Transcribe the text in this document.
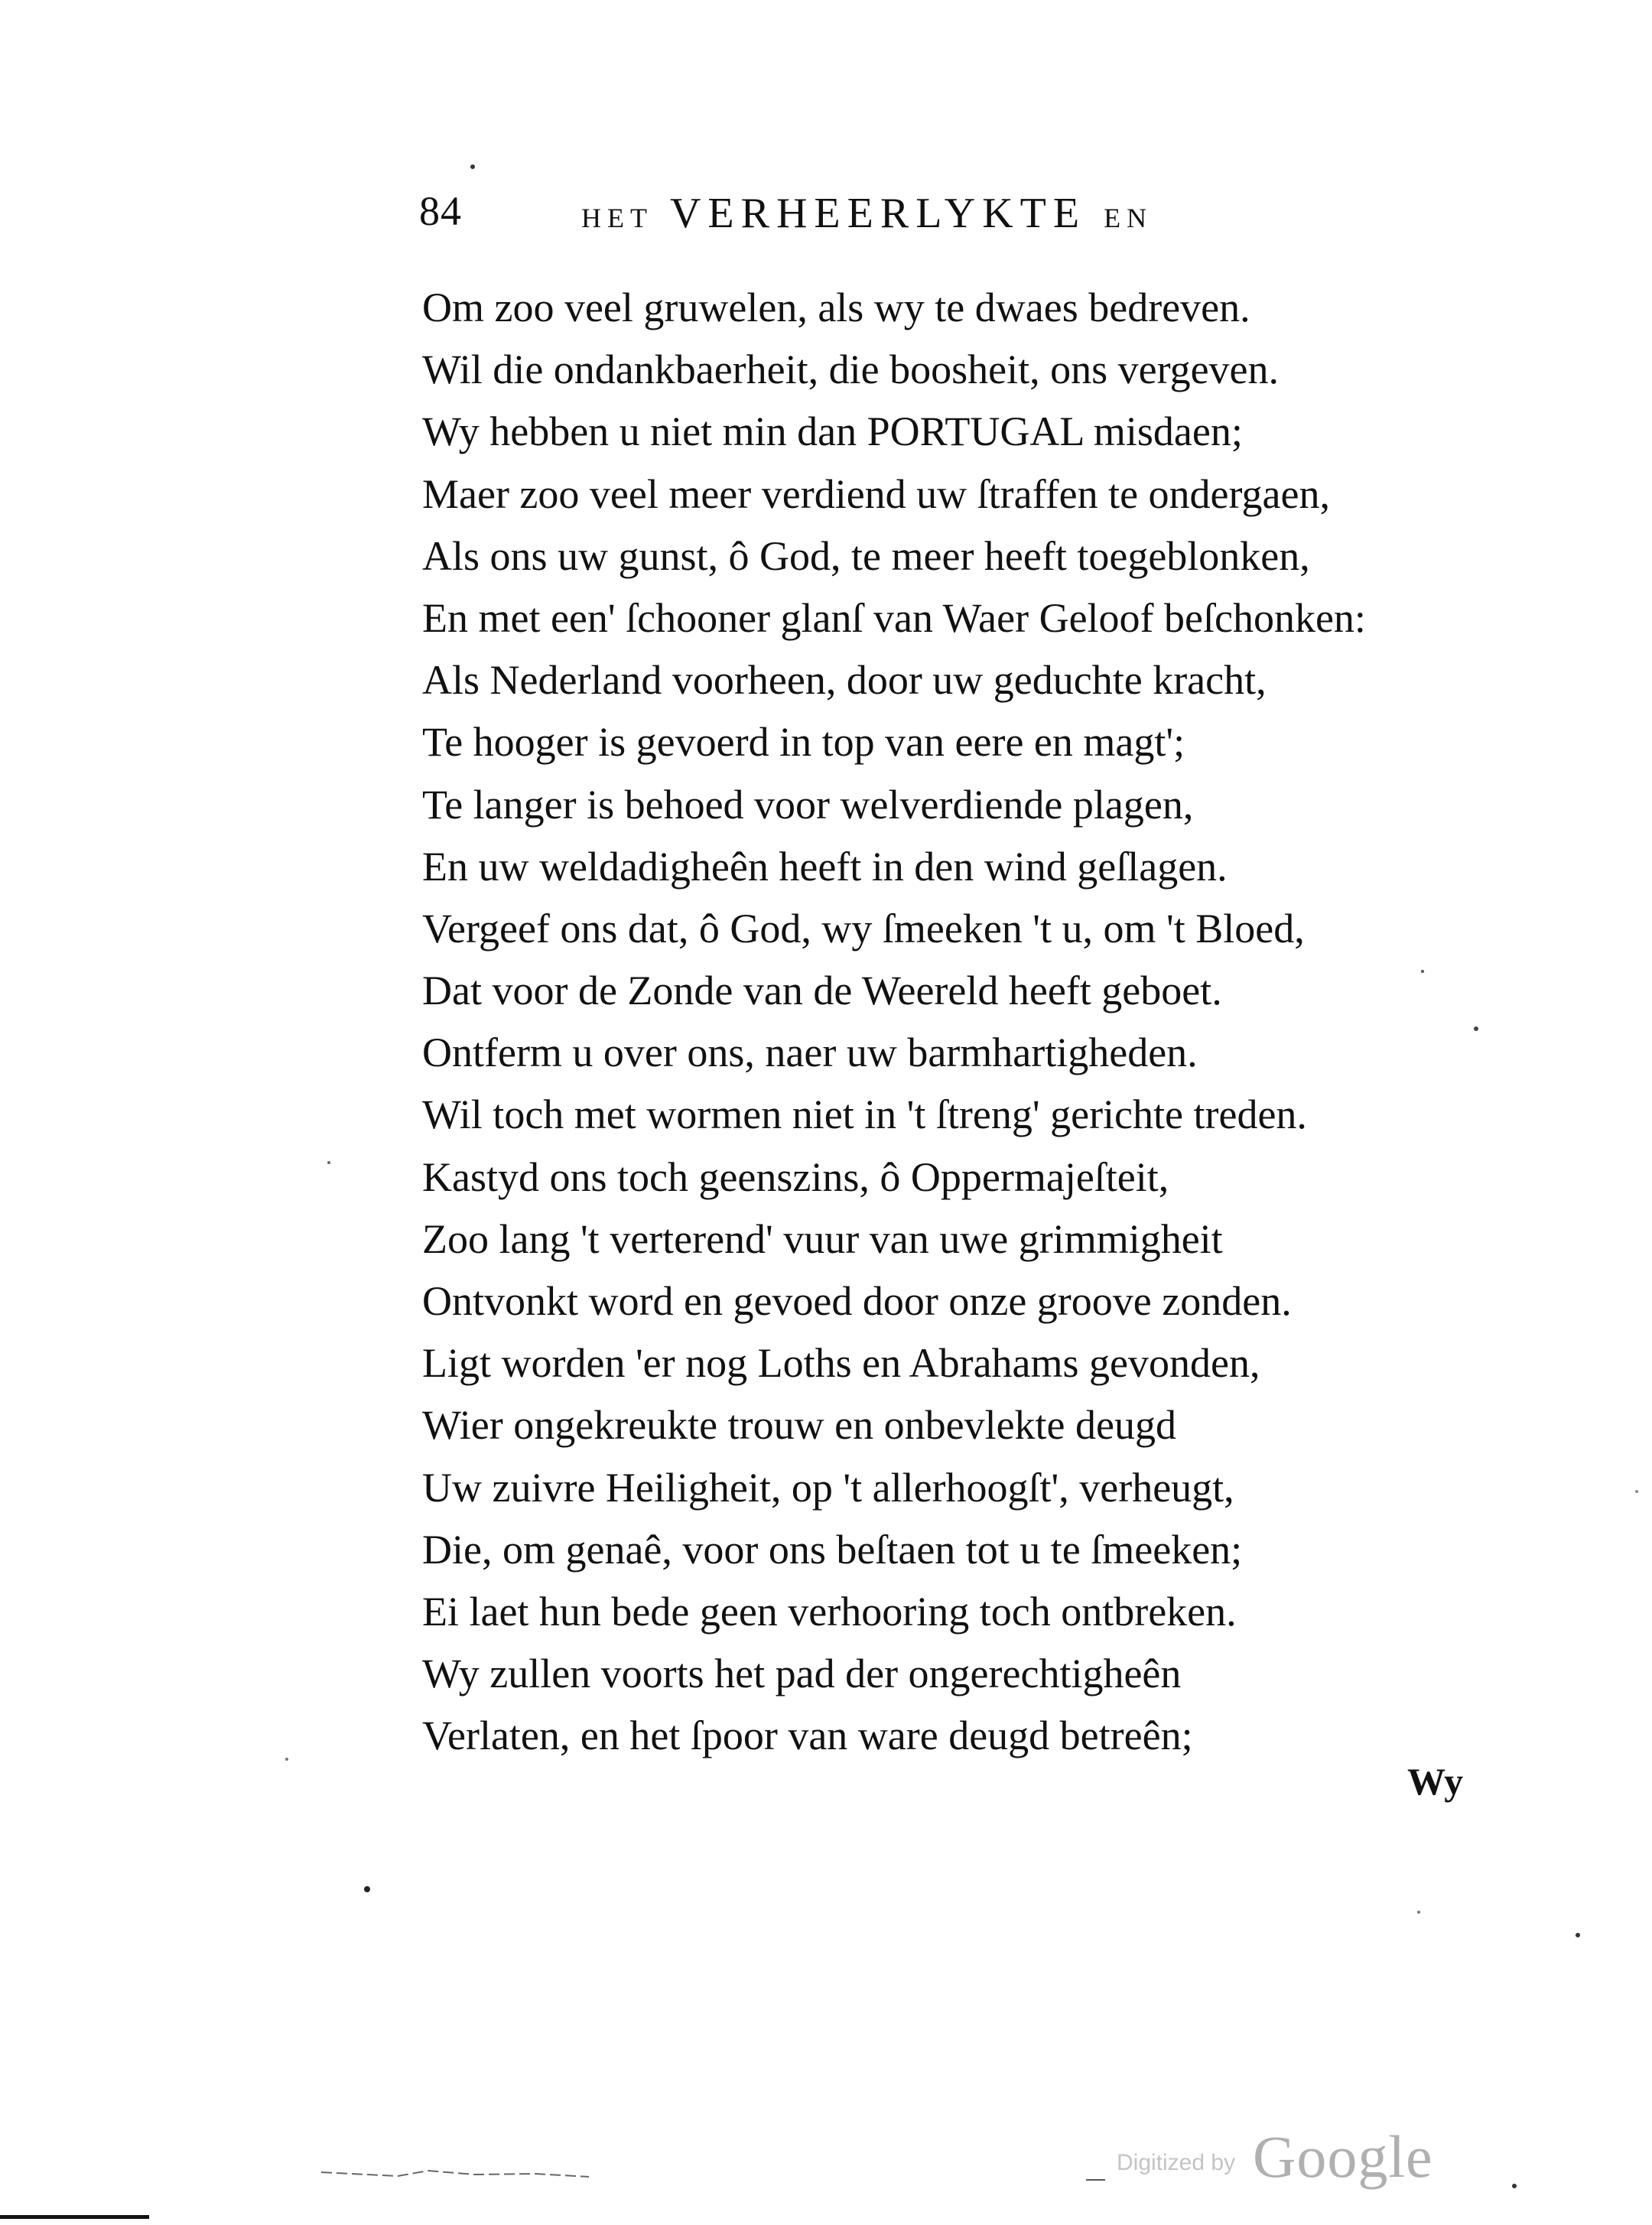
84	HET VERHEERLYKTE EN
Om zoo veel gruwelen, als wy te dwaes bedreven.
Wil die ondankbaerheit, die boosheit, ons vergeven.
Wy hebben u niet min dan PORTUGAL misdaen;
Maer zoo veel meer verdiend uw ſtraffen te ondergaen,
Als ons uw gunst, ô God, te meer heeft toegeblonken,
En met een' ſchooner glanſ van Waer Geloof beſchonken:
Als Nederland voorheen, door uw geduchte kracht,
Te hooger is gevoerd in top van eere en magt';
Te langer is behoed voor welverdiende plagen,
En uw weldadigheên heeft in den wind geſlagen.
Vergeef ons dat, ô God, wy ſmeeken 't u, om 't Bloed,
Dat voor de Zonde van de Weereld heeft geboet.
Ontferm u over ons, naer uw barmhartigheden.
Wil toch met wormen niet in 't ſtreng' gerichte treden.
Kastyd ons toch geenszins, ô Oppermajeſteit,
Zoo lang 't verterend' vuur van uwe grimmigheit
Ontvonkt word en gevoed door onze groove zonden.
Ligt worden 'er nog Loths en Abrahams gevonden,
Wier ongekreukte trouw en onbevlekte deugd
Uw zuivre Heiligheit, op 't allerhoogſt', verheugt,
Die, om genaê, voor ons beſtaen tot u te ſmeeken;
Ei laet hun bede geen verhooring toch ontbreken.
Wy zullen voorts het pad der ongerechtigheên
Verlaten, en het ſpoor van ware deugd betreên;
Wy
Digitized by Google
